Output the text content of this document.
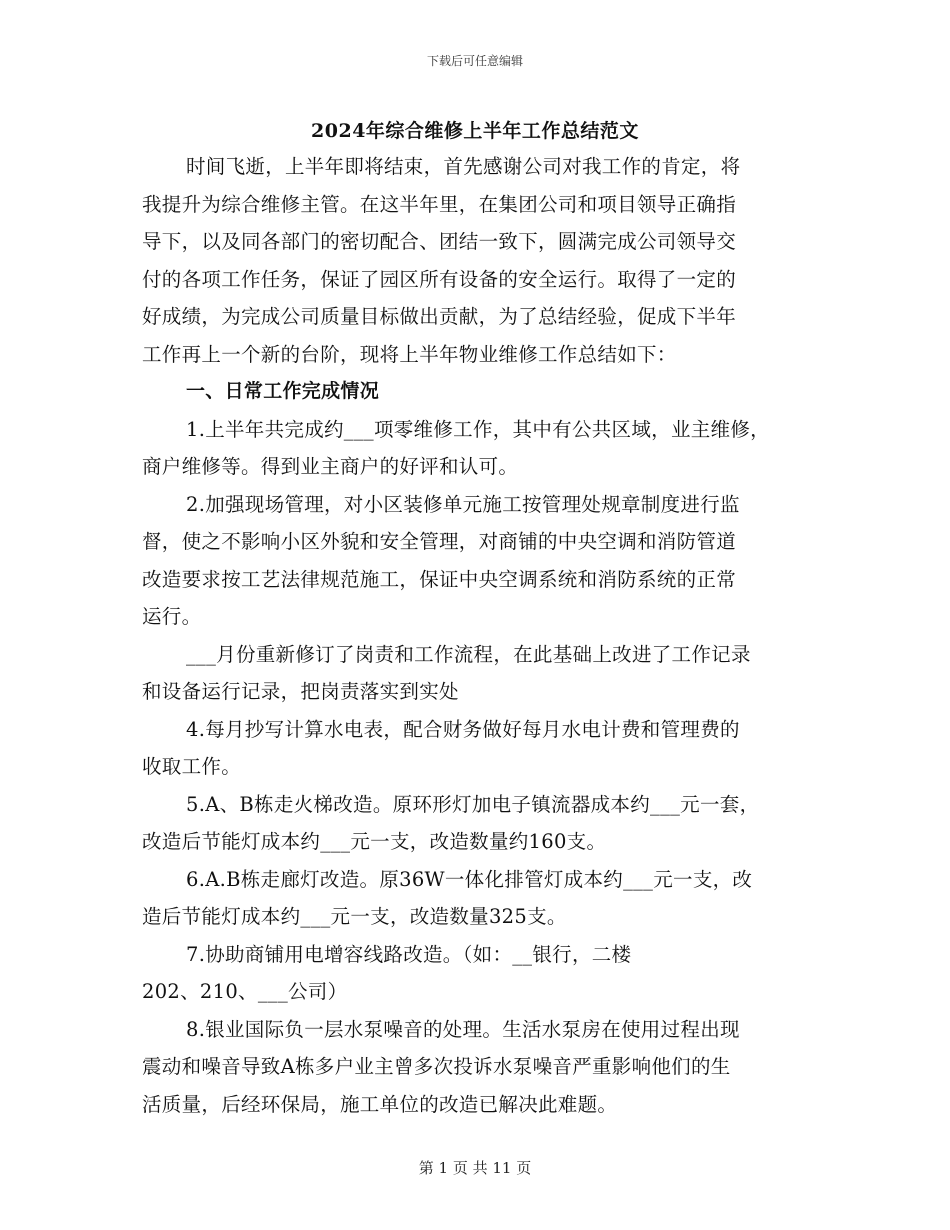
下载后可任意编辑
2024年综合维修上半年工作总结范文
时间飞逝，上半年即将结束，首先感谢公司对我工作的肯定，将
我提升为综合维修主管。在这半年里，在集团公司和项目领导正确指
导下，以及同各部门的密切配合、团结一致下，圆满完成公司领导交
付的各项工作任务，保证了园区所有设备的安全运行。取得了一定的
好成绩，为完成公司质量目标做出贡献，为了总结经验，促成下半年
工作再上一个新的台阶，现将上半年物业维修工作总结如下：
一、日常工作完成情况
1.上半年共完成约___项零维修工作，其中有公共区域，业主维修，
商户维修等。得到业主商户的好评和认可。
2.加强现场管理，对小区装修单元施工按管理处规章制度进行监
督，使之不影响小区外貌和安全管理，对商铺的中央空调和消防管道
改造要求按工艺法律规范施工，保证中央空调系统和消防系统的正常
运行。
___月份重新修订了岗责和工作流程，在此基础上改进了工作记录
和设备运行记录，把岗责落实到实处
4.每月抄写计算水电表，配合财务做好每月水电计费和管理费的
收取工作。
5.A、B栋走火梯改造。原环形灯加电子镇流器成本约___元一套，
改造后节能灯成本约___元一支，改造数量约160支。
6.A.B栋走廊灯改造。原36W一体化排管灯成本约___元一支，改
造后节能灯成本约___元一支，改造数量325支。
7.协助商铺用电增容线路改造。（如：__银行，二楼
202、210、___公司）
8.银业国际负一层水泵噪音的处理。生活水泵房在使用过程出现
震动和噪音导致A栋多户业主曾多次投诉水泵噪音严重影响他们的生
活质量，后经环保局，施工单位的改造已解决此难题。
第 1 页 共 11 页
